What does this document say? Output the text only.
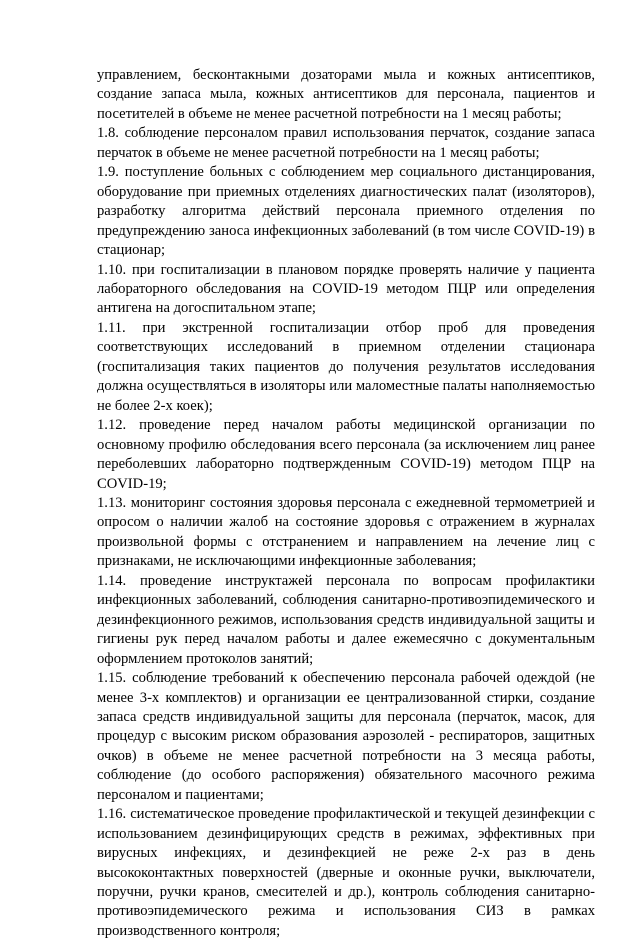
управлением, бесконтакными дозаторами мыла и кожных антисептиков, создание запаса мыла, кожных антисептиков для персонала, пациентов и посетителей в объеме не менее расчетной потребности на 1 месяц работы;

1.8. соблюдение персоналом правил использования перчаток, создание запаса перчаток в объеме не менее расчетной потребности на 1 месяц работы;

1.9. поступление больных с соблюдением мер социального дистанцирования, оборудование при приемных отделениях диагностических палат (изоляторов), разработку алгоритма действий персонала приемного отделения по предупреждению заноса инфекционных заболеваний (в том числе COVID-19) в стационар;

1.10. при госпитализации в плановом порядке проверять наличие у пациента лабораторного обследования на COVID-19 методом ПЦР или определения антигена на догоспитальном этапе;

1.11. при экстренной госпитализации отбор проб для проведения соответствующих исследований в приемном отделении стационара (госпитализация таких пациентов до получения результатов исследования должна осуществляться в изоляторы или маломестные палаты наполняемостью не более 2-х коек);

1.12. проведение перед началом работы медицинской организации по основному профилю обследования всего персонала (за исключением лиц ранее переболевших лабораторно подтвержденным COVID-19) методом ПЦР на COVID-19;

1.13. мониторинг состояния здоровья персонала с ежедневной термометрией и опросом о наличии жалоб на состояние здоровья с отражением в журналах произвольной формы с отстранением и направлением на лечение лиц с признаками, не исключающими инфекционные заболевания;

1.14. проведение инструктажей персонала по вопросам профилактики инфекционных заболеваний, соблюдения санитарно-противоэпидемического и дезинфекционного режимов, использования средств индивидуальной защиты и гигиены рук перед началом работы и далее ежемесячно с документальным оформлением протоколов занятий;

1.15. соблюдение требований к обеспечению персонала рабочей одеждой (не менее 3-х комплектов) и организации ее централизованной стирки, создание запаса средств индивидуальной защиты для персонала (перчаток, масок, для процедур с высоким риском образования аэрозолей - респираторов, защитных очков) в объеме не менее расчетной потребности на 3 месяца работы, соблюдение (до особого распоряжения) обязательного масочного режима персоналом и пациентами;

1.16. систематическое проведение профилактической и текущей дезинфекции с использованием дезинфицирующих средств в режимах, эффективных при вирусных инфекциях, и дезинфекцией не реже 2-х раз в день высококонтактных поверхностей (дверные и оконные ручки, выключатели, поручни, ручки кранов, смесителей и др.), контроль соблюдения санитарно-противоэпидемического режима и использования СИЗ в рамках производственного контроля;
